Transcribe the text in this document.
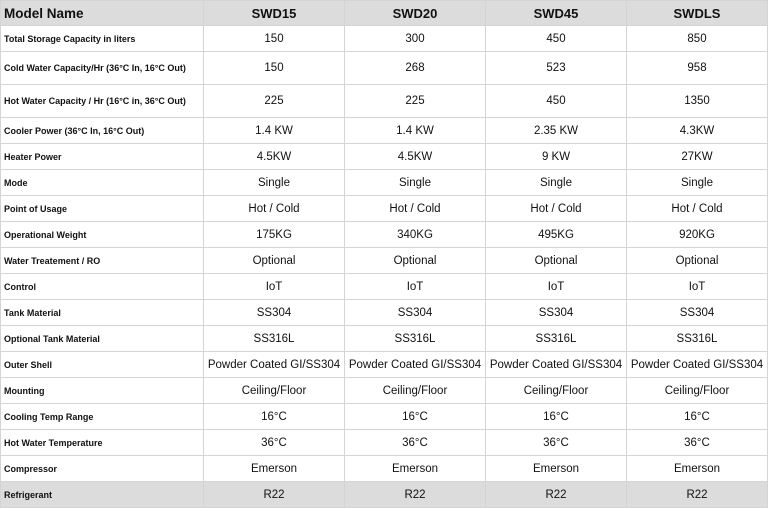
Model Name	SWD15	SWD20	SWD45	SWDLS
Total Storage Capacity in liters	150	300	450	850
Cold Water Capacity/Hr (36°C In, 16°C Out)	150	268	523	958
Hot Water Capacity / Hr (16°C in, 36°C Out)	225	225	450	1350
Cooler Power (36°C In, 16°C Out)	1.4 KW	1.4 KW	2.35 KW	4.3KW
Heater Power	4.5KW	4.5KW	9 KW	27KW
Mode	Single	Single	Single	Single
Point of Usage	Hot / Cold	Hot / Cold	Hot / Cold	Hot / Cold
Operational Weight	175KG	340KG	495KG	920KG
Water Treatement / RO	Optional	Optional	Optional	Optional
Control	IoT	IoT	IoT	IoT
Tank Material	SS304	SS304	SS304	SS304
Optional Tank Material	SS316L	SS316L	SS316L	SS316L
Outer Shell	Powder Coated GI/SS304	Powder Coated GI/SS304	Powder Coated GI/SS304	Powder Coated GI/SS304
Mounting	Ceiling/Floor	Ceiling/Floor	Ceiling/Floor	Ceiling/Floor
Cooling Temp Range	16°C	16°C	16°C	16°C
Hot Water Temperature	36°C	36°C	36°C	36°C
Compressor	Emerson	Emerson	Emerson	Emerson
Refrigerant	R22	R22	R22	R22
